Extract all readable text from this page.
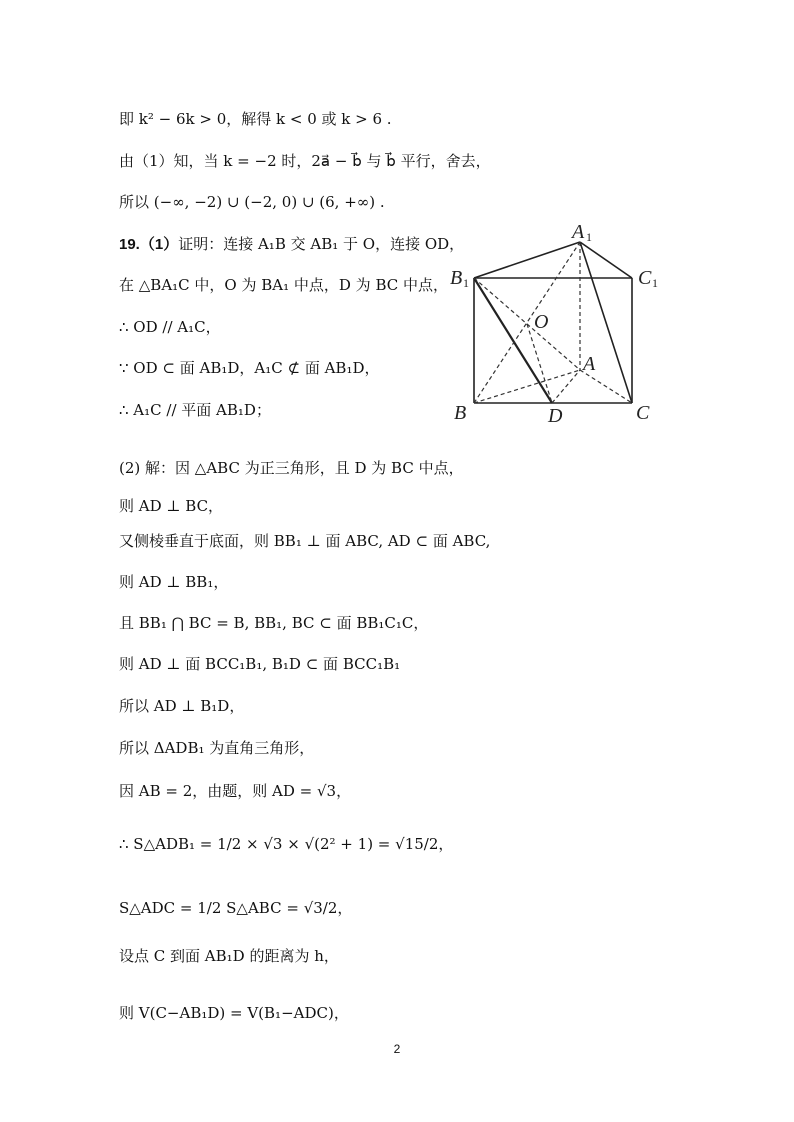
即 k² − 6k > 0，解得 k < 0 或 k > 6 .
由（1）知，当 k = −2 时，2a⃗ − b⃗ 与 b⃗ 平行，舍去，
所以 (−∞, −2) ∪ (−2, 0) ∪ (6, +∞) .
19.（1）证明：连接 A₁B 交 AB₁ 于 O，连接 OD，
在 △BA₁C 中，O 为 BA₁ 中点，D 为 BC 中点，
∴ OD // A₁C，
∵ OD ⊂ 面 AB₁D，A₁C ⊄ 面 AB₁D，
∴ A₁C // 平面 AB₁D；
(2) 解：因 △ABC 为正三角形，且 D 为 BC 中点，
则 AD ⊥ BC，
又侧棱垂直于底面，则 BB₁ ⊥ 面 ABC, AD ⊂ 面 ABC,
则 AD ⊥ BB₁，
且 BB₁ ⋂ BC = B, BB₁, BC ⊂ 面 BB₁C₁C，
则 AD ⊥ 面 BCC₁B₁, B₁D ⊂ 面 BCC₁B₁
所以 AD ⊥ B₁D，
所以 ΔADB₁ 为直角三角形，
因 AB = 2，由题，则 AD = √3，
∴ S△ADB₁ = 1/2 × √3 × √(2² + 1) = √15/2，
S△ADC = 1/2 S△ABC = √3/2，
设点 C 到面 AB₁D 的距离为 h，
则 V(C−AB₁D) = V(B₁−ADC)，
A 1
B 1	C 1
O
A
B	D	C
2
